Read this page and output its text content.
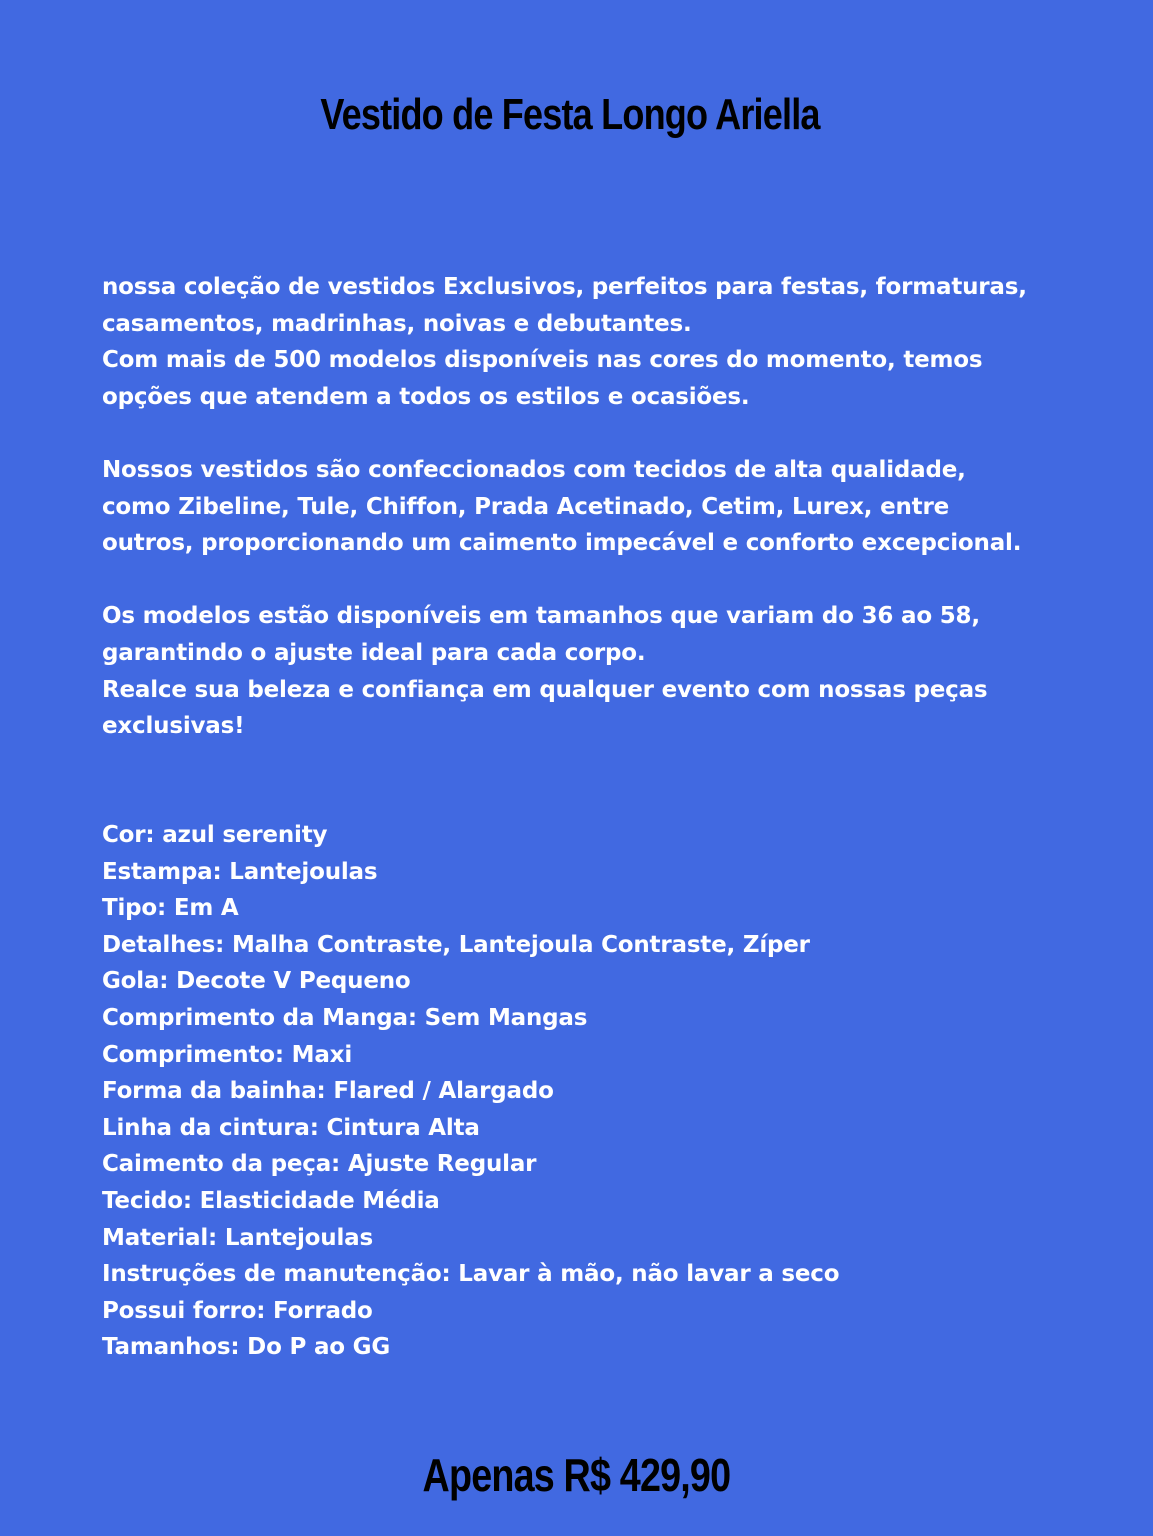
Vestido de Festa Longo Ariella
nossa coleção de vestidos Exclusivos, perfeitos para festas, formaturas,
casamentos, madrinhas, noivas e debutantes.
Com mais de 500 modelos disponíveis nas cores do momento, temos
opções que atendem a todos os estilos e ocasiões.
Nossos vestidos são confeccionados com tecidos de alta qualidade,
como Zibeline, Tule, Chiffon, Prada Acetinado, Cetim, Lurex, entre
outros, proporcionando um caimento impecável e conforto excepcional.
Os modelos estão disponíveis em tamanhos que variam do 36 ao 58,
garantindo o ajuste ideal para cada corpo.
Realce sua beleza e confiança em qualquer evento com nossas peças
exclusivas!
Cor: azul serenity
Estampa: Lantejoulas
Tipo: Em A
Detalhes: Malha Contraste, Lantejoula Contraste, Zíper
Gola: Decote V Pequeno
Comprimento da Manga: Sem Mangas
Comprimento: Maxi
Forma da bainha: Flared / Alargado
Linha da cintura: Cintura Alta
Caimento da peça: Ajuste Regular
Tecido: Elasticidade Média
Material: Lantejoulas
Instruções de manutenção: Lavar à mão, não lavar a seco
Possui forro: Forrado
Tamanhos: Do P ao GG
Apenas R$ 429,90
